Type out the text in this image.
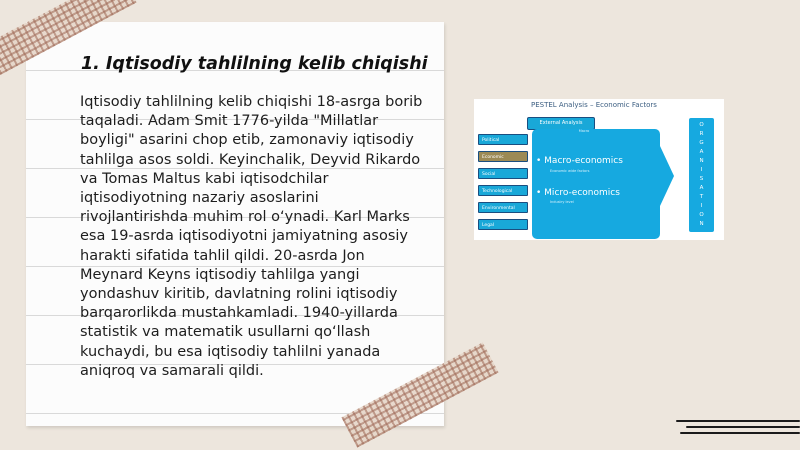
1. Iqtisodiy tahlilning kelib chiqishi

Iqtisodiy tahlilning kelib chiqishi 18-asrga borib taqaladi. Adam Smit 1776-yilda "Millatlar boyligi" asarini chop etib, zamonaviy iqtisodiy tahlilga asos soldi. Keyinchalik, Deyvid Rikardo va Tomas Maltus kabi iqtisodchilar iqtisodiyotning nazariy asoslarini rivojlantirishda muhim rol o‘ynadi. Karl Marks esa 19-asrda iqtisodiyotni jamiyatning asosiy harakti sifatida tahlil qildi. 20-asrda Jon Meynard Keyns iqtisodiy tahlilga yangi yondashuv kiritib, davlatning rolini iqtisodiy barqarorlikda mustahkamladi. 1940-yillarda statistik va matematik usullarni qo‘llash kuchaydi, bu esa iqtisodiy tahlilni yanada aniqroq va samarali qildi.

PESTEL Analysis – Economic Factors
External Analysis
Political
Economic
Social
Technological
Environmental
Legal
Macro
• Macro-economics
Economic wide factors
• Micro-economics
Industry level
O
R
G
A
N
I
S
A
T
I
O
N
